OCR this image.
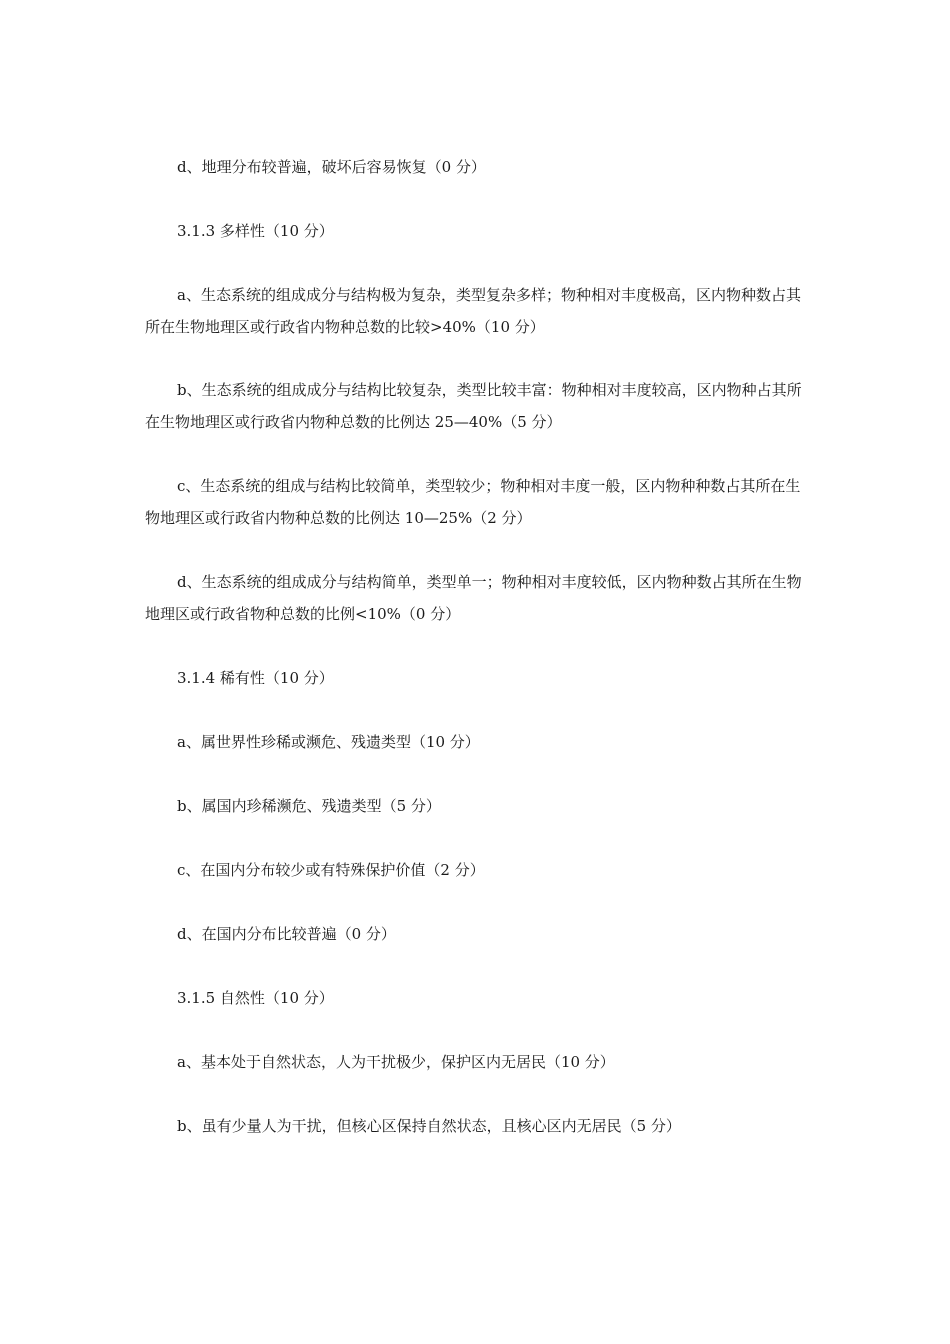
d、地理分布较普遍，破坏后容易恢复（0 分）

3.1.3 多样性（10 分）

a、生态系统的组成成分与结构极为复杂，类型复杂多样；物种相对丰度极高，区内物种数占其所在生物地理区或行政省内物种总数的比较>40%（10 分）

b、生态系统的组成成分与结构比较复杂，类型比较丰富：物种相对丰度较高，区内物种占其所在生物地理区或行政省内物种总数的比例达 25—40%（5 分）

c、生态系统的组成与结构比较简单，类型较少；物种相对丰度一般，区内物种种数占其所在生物地理区或行政省内物种总数的比例达 10—25%（2 分）

d、生态系统的组成成分与结构简单，类型单一；物种相对丰度较低，区内物种数占其所在生物地理区或行政省物种总数的比例<10%（0 分）

3.1.4 稀有性（10 分）

a、属世界性珍稀或濒危、残遗类型（10 分）

b、属国内珍稀濒危、残遗类型（5 分）

c、在国内分布较少或有特殊保护价值（2 分）

d、在国内分布比较普遍（0 分）

3.1.5 自然性（10 分）

a、基本处于自然状态，人为干扰极少，保护区内无居民（10 分）

b、虽有少量人为干扰，但核心区保持自然状态，且核心区内无居民（5 分）
